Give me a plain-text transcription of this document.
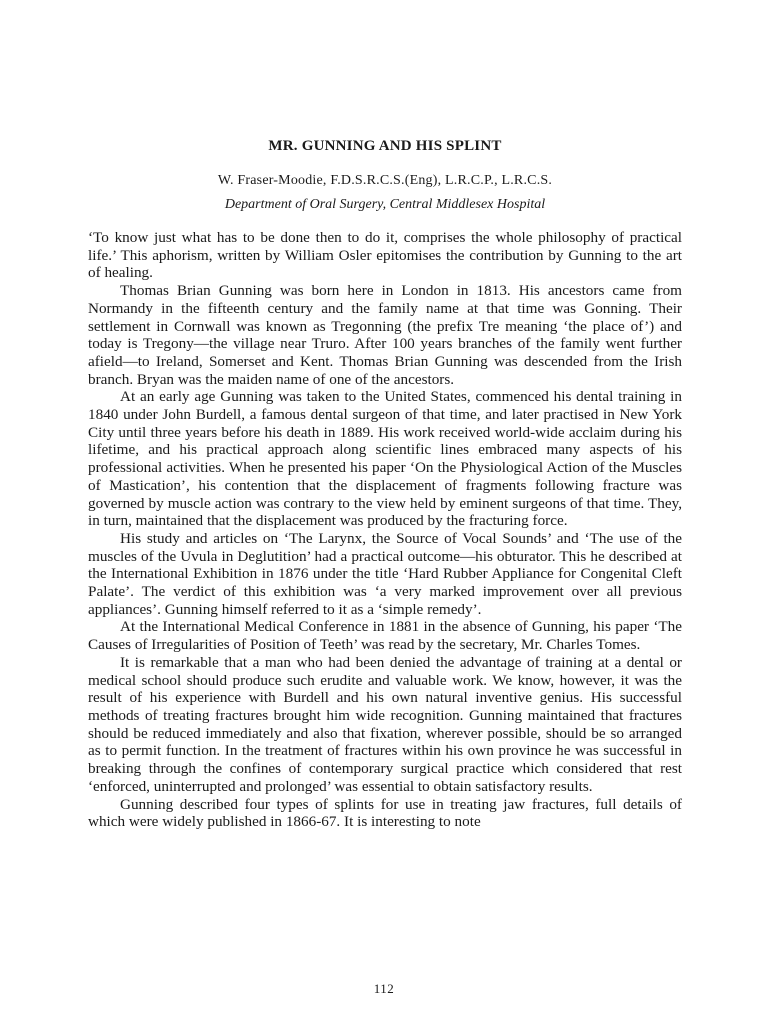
MR. GUNNING AND HIS SPLINT
W. Fraser-Moodie, F.D.S.R.C.S.(Eng), L.R.C.P., L.R.C.S.
Department of Oral Surgery, Central Middlesex Hospital

‘To know just what has to be done then to do it, comprises the whole philosophy of practical life.’ This aphorism, written by William Osler epitomises the contribution by Gunning to the art of healing.

Thomas Brian Gunning was born here in London in 1813. His ancestors came from Normandy in the fifteenth century and the family name at that time was Gonning. Their settlement in Cornwall was known as Tregonning (the prefix Tre meaning ‘the place of’) and today is Tregony—the village near Truro. After 100 years branches of the family went further afield—to Ireland, Somerset and Kent. Thomas Brian Gunning was descended from the Irish branch. Bryan was the maiden name of one of the ancestors.

At an early age Gunning was taken to the United States, commenced his dental training in 1840 under John Burdell, a famous dental surgeon of that time, and later practised in New York City until three years before his death in 1889. His work received world-wide acclaim during his lifetime, and his practical approach along scientific lines embraced many aspects of his professional activities. When he presented his paper ‘On the Physiological Action of the Muscles of Mastication’, his contention that the displacement of fragments following fracture was governed by muscle action was contrary to the view held by eminent surgeons of that time. They, in turn, maintained that the displacement was produced by the fracturing force.

His study and articles on ‘The Larynx, the Source of Vocal Sounds’ and ‘The use of the muscles of the Uvula in Deglutition’ had a practical outcome—his obturator. This he described at the International Exhibition in 1876 under the title ‘Hard Rubber Appliance for Congenital Cleft Palate’. The verdict of this exhibition was ‘a very marked improvement over all previous appliances’. Gunning himself referred to it as a ‘simple remedy’.

At the International Medical Conference in 1881 in the absence of Gunning, his paper ‘The Causes of Irregularities of Position of Teeth’ was read by the secretary, Mr. Charles Tomes.

It is remarkable that a man who had been denied the advantage of training at a dental or medical school should produce such erudite and valuable work. We know, however, it was the result of his experience with Burdell and his own natural inventive genius. His successful methods of treating fractures brought him wide recognition. Gunning maintained that fractures should be reduced immediately and also that fixation, wherever possible, should be so arranged as to permit function. In the treatment of fractures within his own province he was successful in breaking through the confines of contemporary surgical practice which considered that rest ‘enforced, uninterrupted and prolonged’ was essential to obtain satisfactory results.

Gunning described four types of splints for use in treating jaw fractures, full details of which were widely published in 1866-67. It is interesting to note

112
